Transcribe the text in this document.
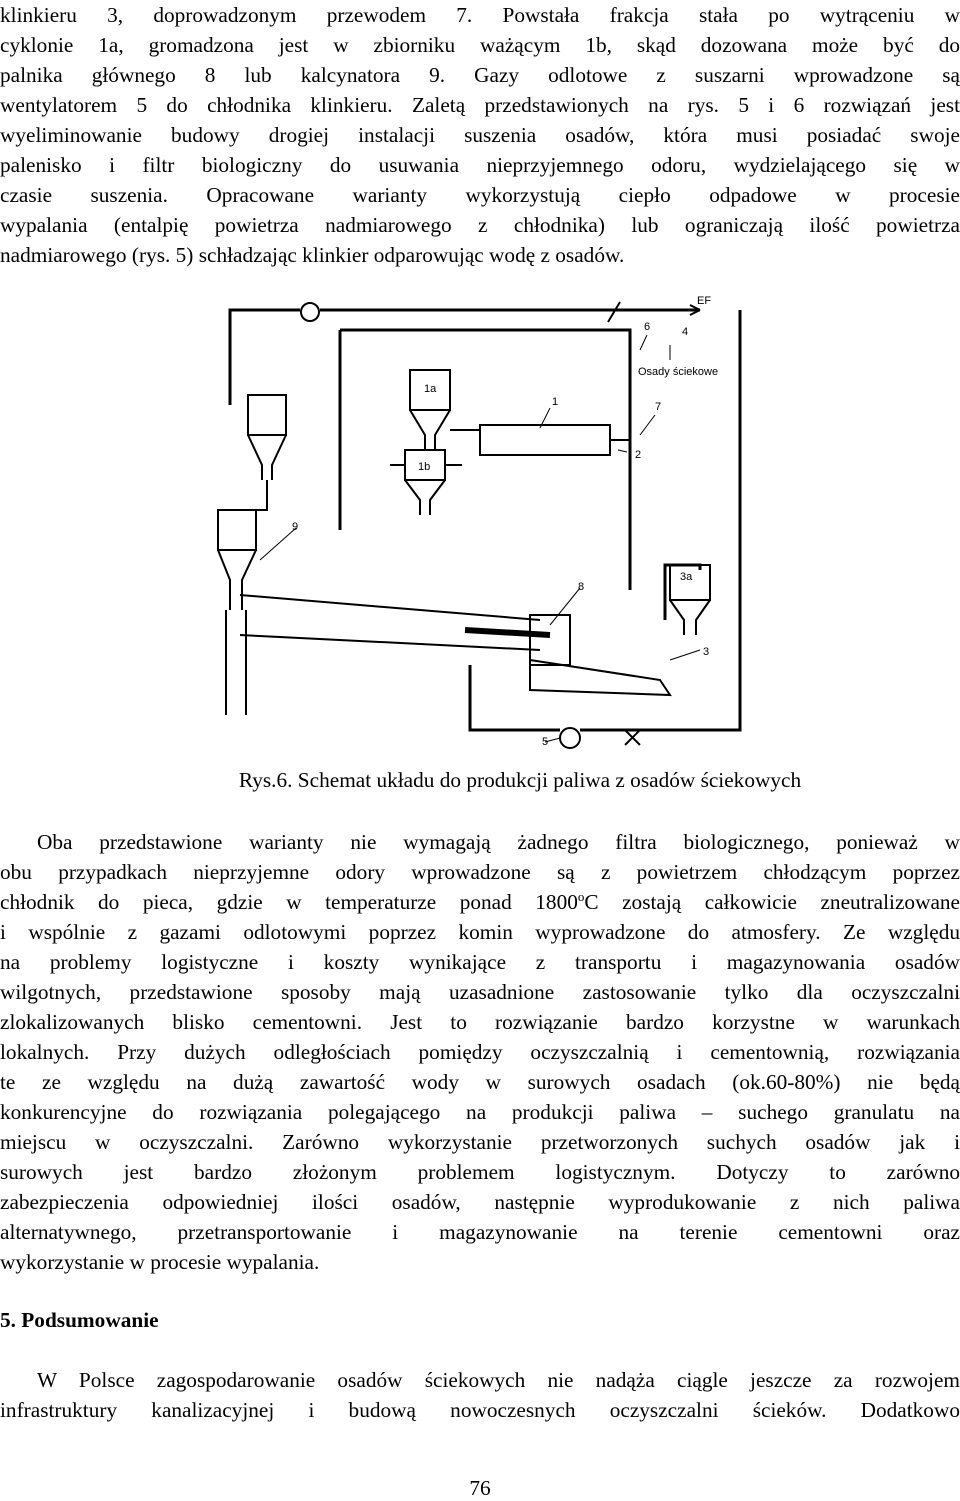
klinkieru 3, doprowadzonym przewodem 7. Powstała frakcja stała po wytrąceniu w
cyklonie 1a, gromadzona jest w zbiorniku ważącym 1b, skąd dozowana może być do
palnika głównego 8 lub kalcynatora 9. Gazy odlotowe z suszarni wprowadzone są
wentylatorem 5 do chłodnika klinkieru. Zaletą przedstawionych na rys. 5 i 6 rozwiązań jest
wyeliminowanie budowy drogiej instalacji suszenia osadów, która musi posiadać swoje
palenisko i filtr biologiczny do usuwania nieprzyjemnego odoru, wydzielającego się w
czasie suszenia. Opracowane warianty wykorzystują ciepło odpadowe w procesie
wypalania (entalpię powietrza nadmiarowego z chłodnika) lub ograniczają ilość powietrza
nadmiarowego (rys. 5) schładzając klinkier odparowując wodę z osadów.
EF
6	4
Osady ściekowe
1a
1	7
2
1b
9
3a
8
3
5
Rys.6. Schemat układu do produkcji paliwa z osadów ściekowych
Oba przedstawione warianty nie wymagają żadnego filtra biologicznego, ponieważ w
obu przypadkach nieprzyjemne odory wprowadzone są z powietrzem chłodzącym poprzez
chłodnik do pieca, gdzie w temperaturze ponad 1800$^o$C zostają całkowicie zneutralizowane
i wspólnie z gazami odlotowymi poprzez komin wyprowadzone do atmosfery. Ze względu
na problemy logistyczne i koszty wynikające z transportu i magazynowania osadów
wilgotnych, przedstawione sposoby mają uzasadnione zastosowanie tylko dla oczyszczalni
zlokalizowanych blisko cementowni. Jest to rozwiązanie bardzo korzystne w warunkach
lokalnych. Przy dużych odległościach pomiędzy oczyszczalnią i cementownią, rozwiązania
te ze względu na dużą zawartość wody w surowych osadach (ok.60-80%) nie będą
konkurencyjne do rozwiązania polegającego na produkcji paliwa – suchego granulatu na
miejscu w oczyszczalni. Zarówno wykorzystanie przetworzonych suchych osadów jak i
surowych jest bardzo złożonym problemem logistycznym. Dotyczy to zarówno
zabezpieczenia odpowiedniej ilości osadów, następnie wyprodukowanie z nich paliwa
alternatywnego, przetransportowanie i magazynowanie na terenie cementowni oraz
wykorzystanie w procesie wypalania.
5. Podsumowanie
W Polsce zagospodarowanie osadów ściekowych nie nadąża ciągle jeszcze za rozwojem
infrastruktury kanalizacyjnej i budową nowoczesnych oczyszczalni ścieków. Dodatkowo
76
